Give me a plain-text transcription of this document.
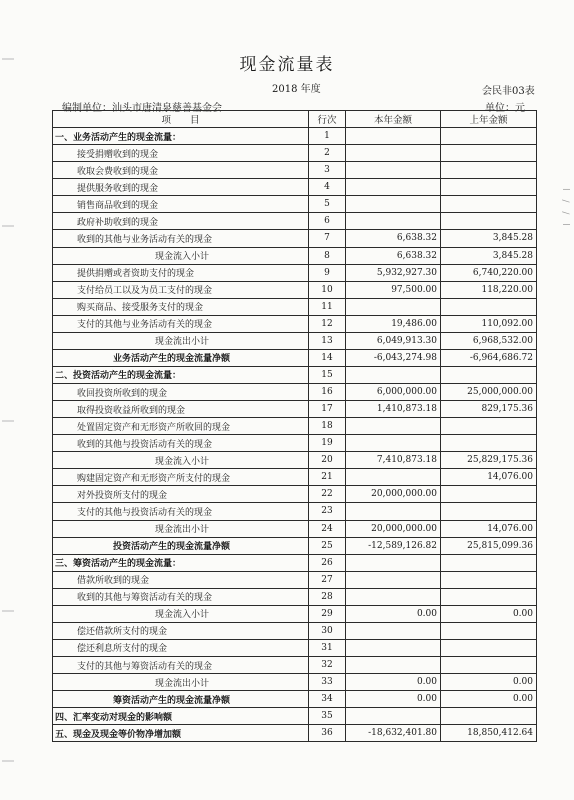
ǀ ∕ ∕ ǀ
现金流量表
2018 年度	会民非03表
编制单位：汕头市唐清泉慈善基金会	单位：元
项　　目	行次	本年金额	上年金额
一、业务活动产生的现金流量：	1		
接受捐赠收到的现金	2		
收取会费收到的现金	3		
提供服务收到的现金	4		
销售商品收到的现金	5		
政府补助收到的现金	6		
收到的其他与业务活动有关的现金	7	6,638.32	3,845.28
现金流入小计	8	6,638.32	3,845.28
提供捐赠或者资助支付的现金	9	5,932,927.30	6,740,220.00
支付给员工以及为员工支付的现金	10	97,500.00	118,220.00
购买商品、接受服务支付的现金	11		
支付的其他与业务活动有关的现金	12	19,486.00	110,092.00
现金流出小计	13	6,049,913.30	6,968,532.00
业务活动产生的现金流量净额	14	-6,043,274.98	-6,964,686.72
二、投资活动产生的现金流量：	15		
收回投资所收到的现金	16	6,000,000.00	25,000,000.00
取得投资收益所收到的现金	17	1,410,873.18	829,175.36
处置固定资产和无形资产所收回的现金	18		
收到的其他与投资活动有关的现金	19		
现金流入小计	20	7,410,873.18	25,829,175.36
购建固定资产和无形资产所支付的现金	21		14,076.00
对外投资所支付的现金	22	20,000,000.00	
支付的其他与投资活动有关的现金	23		
现金流出小计	24	20,000,000.00	14,076.00
投资活动产生的现金流量净额	25	-12,589,126.82	25,815,099.36
三、筹资活动产生的现金流量：	26		
借款所收到的现金	27		
收到的其他与筹资活动有关的现金	28		
现金流入小计	29	0.00	0.00
偿还借款所支付的现金	30		
偿还利息所支付的现金	31		
支付的其他与筹资活动有关的现金	32		
现金流出小计	33	0.00	0.00
筹资活动产生的现金流量净额	34	0.00	0.00
四、汇率变动对现金的影响额	35		
五、现金及现金等价物净增加额	36	-18,632,401.80	18,850,412.64
